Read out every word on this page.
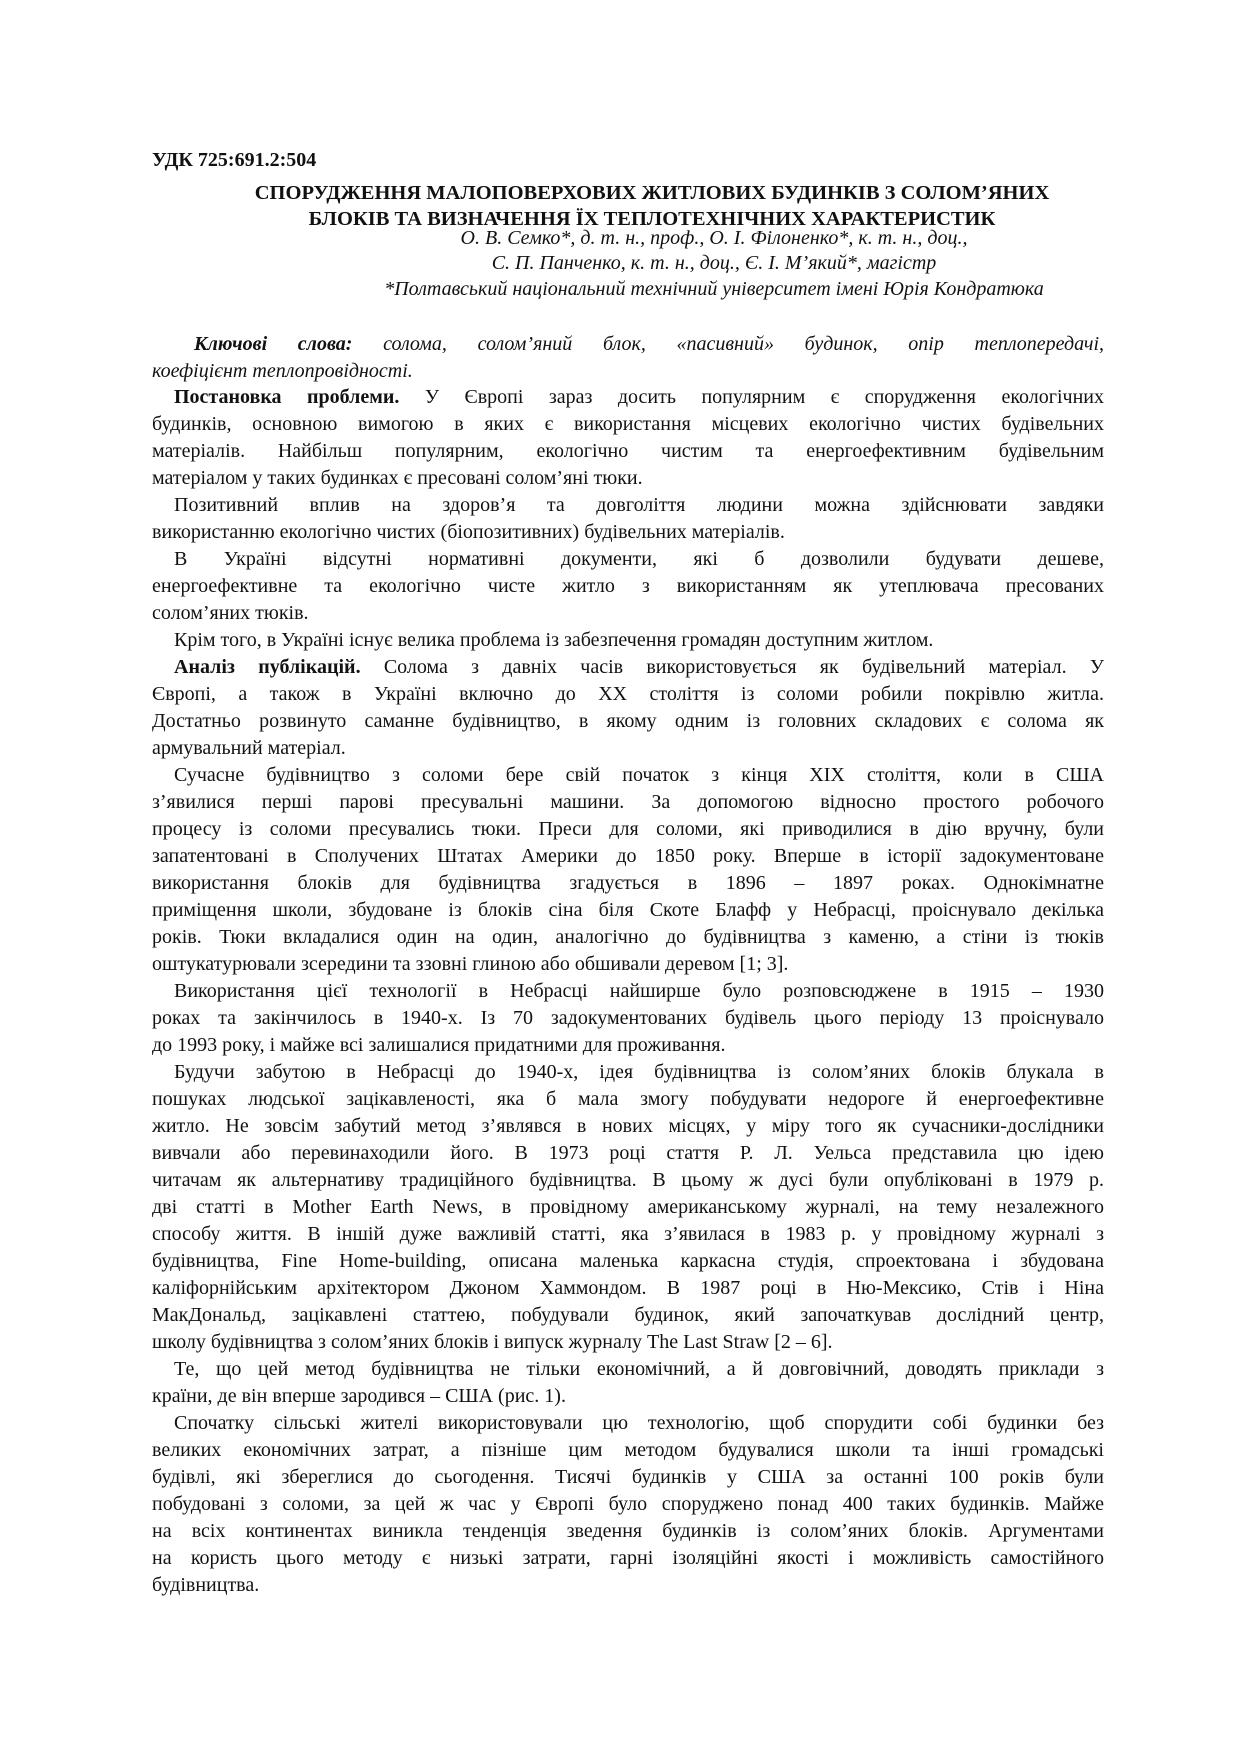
УДК 725:691.2:504
СПОРУДЖЕННЯ МАЛОПОВЕРХОВИХ ЖИТЛОВИХ БУДИНКІВ З СОЛОМ’ЯНИХ
БЛОКІВ ТА ВИЗНАЧЕННЯ ЇХ ТЕПЛОТЕХНІЧНИХ ХАРАКТЕРИСТИК
О. В. Семко*, д. т. н., проф., О. І. Філоненко*, к. т. н., доц.,
С. П. Панченко, к. т. н., доц., Є. І. М’який*, магістр
*Полтавський національний технічний університет імені Юрія Кондратюка
Ключові слова: солома, солом’яний блок, «пасивний» будинок, опір теплопередачі,
коефіцієнт теплопровідності.
Постановка проблеми. У Європі зараз досить популярним є спорудження екологічних
будинків, основною вимогою в яких є використання місцевих екологічно чистих будівельних
матеріалів. Найбільш популярним, екологічно чистим та енергоефективним будівельним
матеріалом у таких будинках є пресовані солом’яні тюки.
Позитивний вплив на здоров’я та довголіття людини можна здійснювати завдяки
використанню екологічно чистих (біопозитивних) будівельних матеріалів.
В Україні відсутні нормативні документи, які б дозволили будувати дешеве,
енергоефективне та екологічно чисте житло з використанням як утеплювача пресованих
солом’яних тюків.
Крім того, в Україні існує велика проблема із забезпечення громадян доступним житлом.
Аналіз публікацій. Солома з давніх часів використовується як будівельний матеріал. У
Європі, а також в Україні включно до XX століття із соломи робили покрівлю житла.
Достатньо розвинуто саманне будівництво, в якому одним із головних складових є солома як
армувальний матеріал.
Сучасне будівництво з соломи бере свій початок з кінця XIX століття, коли в США
з’явилися перші парові пресувальні машини. За допомогою відносно простого робочого
процесу із соломи пресувались тюки. Преси для соломи, які приводилися в дію вручну, були
запатентовані в Сполучених Штатах Америки до 1850 року. Вперше в історії задокументоване
використання блоків для будівництва згадується в 1896 – 1897 роках. Однокімнатне
приміщення школи, збудоване із блоків сіна біля Скоте Блафф у Небрасці, проіснувало декілька
років. Тюки вкладалися один на один, аналогічно до будівництва з каменю, а стіни із тюків
оштукатурювали зсередини та ззовні глиною або обшивали деревом [1; 3].
Використання цієї технології в Небрасці найширше було розповсюджене в 1915 – 1930
роках та закінчилось в 1940-х. Із 70 задокументованих будівель цього періоду 13 проіснувало
до 1993 року, і майже всі залишалися придатними для проживання.
Будучи забутою в Небрасці до 1940-х, ідея будівництва із солом’яних блоків блукала в
пошуках людської зацікавленості, яка б мала змогу побудувати недороге й енергоефективне
житло. Не зовсім забутий метод з’являвся в нових місцях, у міру того як сучасники-дослідники
вивчали або перевинаходили його. В 1973 році стаття Р. Л. Уельса представила цю ідею
читачам як альтернативу традиційного будівництва. В цьому ж дусі були опубліковані в 1979 р.
дві статті в Mother Earth News, в провідному американському журналі, на тему незалежного
способу життя. В іншій дуже важливій статті, яка з’явилася в 1983 р. у провідному журналі з
будівництва, Fine Home-building, описана маленька каркасна студія, спроектована і збудована
каліфорнійським архітектором Джоном Хаммондом. В 1987 році в Ню-Мексико, Стів і Ніна
МакДональд, зацікавлені статтею, побудували будинок, який започаткував дослідний центр,
школу будівництва з солом’яних блоків і випуск журналу The Last Straw [2 – 6].
Те, що цей метод будівництва не тільки економічний, а й довговічний, доводять приклади з
країни, де він вперше зародився – США (рис. 1).
Спочатку сільські жителі використовували цю технологію, щоб спорудити собі будинки без
великих економічних затрат, а пізніше цим методом будувалися школи та інші громадські
будівлі, які збереглися до сьогодення. Тисячі будинків у США за останні 100 років були
побудовані з соломи, за цей ж час у Європі було споруджено понад 400 таких будинків. Майже
на всіх континентах виникла тенденція зведення будинків із солом’яних блоків. Аргументами
на користь цього методу є низькі затрати, гарні ізоляційні якості і можливість самостійного
будівництва.
